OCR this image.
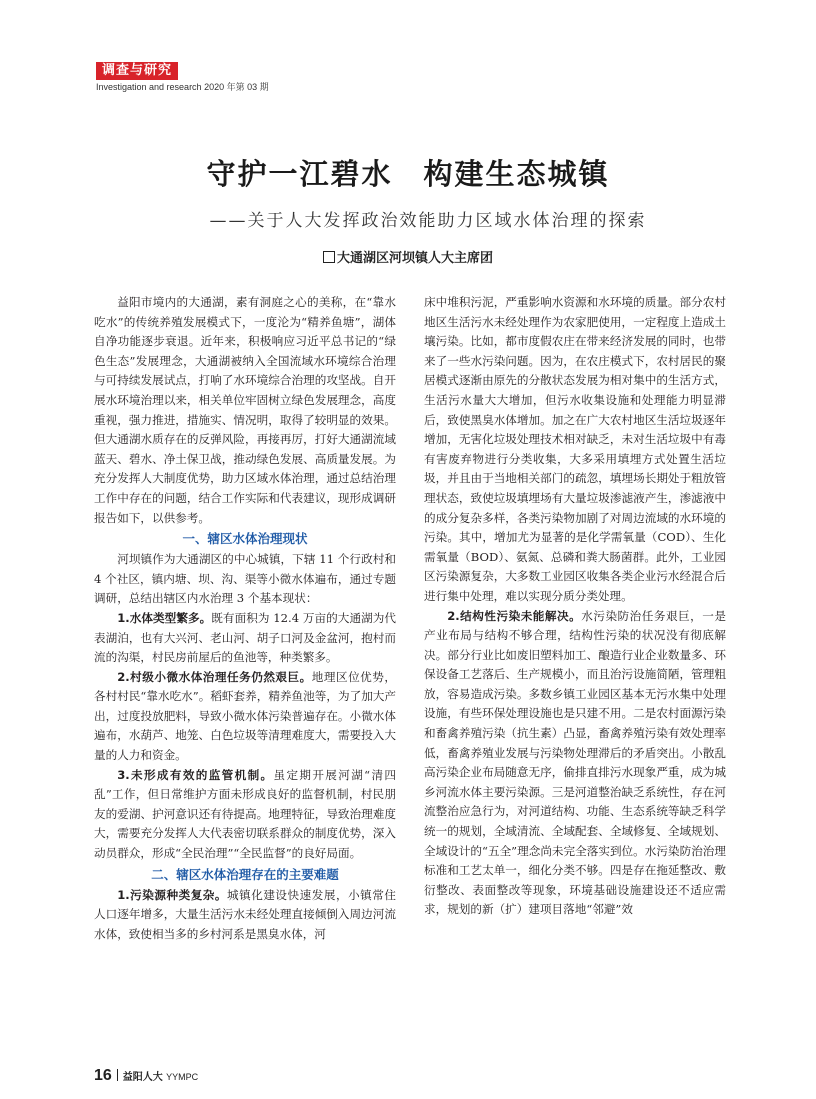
调查与研究
Investigation and research 2020 年第 03 期
守护一江碧水　构建生态城镇
——关于人大发挥政治效能助力区域水体治理的探索
大通湖区河坝镇人大主席团

益阳市境内的大通湖，素有洞庭之心的美称，在“靠水吃水”的传统养殖发展模式下，一度沦为“精养鱼塘”，湖体自净功能逐步衰退。近年来，积极响应习近平总书记的“绿色生态”发展理念，大通湖被纳入全国流域水环境综合治理与可持续发展试点，打响了水环境综合治理的攻坚战。自开展水环境治理以来，相关单位牢固树立绿色发展理念，高度重视，强力推进，措施实、情况明，取得了较明显的效果。但大通湖水质存在的反弹风险，再接再厉，打好大通湖流域蓝天、碧水、净土保卫战，推动绿色发展、高质量发展。为充分发挥人大制度优势，助力区域水体治理，通过总结治理工作中存在的问题，结合工作实际和代表建议，现形成调研报告如下，以供参考。

一、辖区水体治理现状

河坝镇作为大通湖区的中心城镇，下辖 11 个行政村和 4 个社区，镇内塘、坝、沟、渠等小微水体遍布，通过专题调研，总结出辖区内水治理 3 个基本现状：

1.水体类型繁多。既有面积为 12.4 万亩的大通湖为代表湖泊，也有大兴河、老山河、胡子口河及金盆河，抱村而流的沟渠，村民房前屋后的鱼池等，种类繁多。

2.村级小微水体治理任务仍然艰巨。地理区位优势，各村村民“靠水吃水”。稻虾套养，精养鱼池等，为了加大产出，过度投放肥料，导致小微水体污染普遍存在。小微水体遍布，水葫芦、地笼、白色垃圾等清理难度大，需要投入大量的人力和资金。

3.未形成有效的监管机制。虽定期开展河湖“清四乱”工作，但日常维护方面未形成良好的监督机制，村民朋友的爱湖、护河意识还有待提高。地理特征，导致治理难度大，需要充分发挥人大代表密切联系群众的制度优势，深入动员群众，形成“全民治理”“全民监督”的良好局面。

二、辖区水体治理存在的主要难题

1.污染源种类复杂。城镇化建设快速发展，小镇常住人口逐年增多，大量生活污水未经处理直接倾倒入周边河流水体，致使相当多的乡村河系是黑臭水体，河

床中堆积污泥，严重影响水资源和水环境的质量。部分农村地区生活污水未经处理作为农家肥使用，一定程度上造成土壤污染。比如，都市度假农庄在带来经济发展的同时，也带来了一些水污染问题。因为，在农庄模式下，农村居民的聚居模式逐渐由原先的分散状态发展为相对集中的生活方式，生活污水量大大增加，但污水收集设施和处理能力明显滞后，致使黑臭水体增加。加之在广大农村地区生活垃圾逐年增加，无害化垃圾处理技术相对缺乏，未对生活垃圾中有毒有害废弃物进行分类收集，大多采用填埋方式处置生活垃圾，并且由于当地相关部门的疏忽，填埋场长期处于粗放管理状态，致使垃圾填埋场有大量垃圾渗滤液产生，渗滤液中的成分复杂多样，各类污染物加剧了对周边流域的水环境的污染。其中，增加尤为显著的是化学需氧量（COD）、生化需氧量（BOD）、氨氮、总磷和粪大肠菌群。此外，工业园区污染源复杂，大多数工业园区收集各类企业污水经混合后进行集中处理，难以实现分质分类处理。

2.结构性污染未能解决。水污染防治任务艰巨，一是产业布局与结构不够合理，结构性污染的状况没有彻底解决。部分行业比如废旧塑料加工、酿造行业企业数量多、环保设备工艺落后、生产规模小，而且治污设施简陋，管理粗放，容易造成污染。多数乡镇工业园区基本无污水集中处理设施，有些环保处理设施也是只建不用。二是农村面源污染和畜禽养殖污染（抗生素）凸显，畜禽养殖污染有效处理率低，畜禽养殖业发展与污染物处理滞后的矛盾突出。小散乱高污染企业布局随意无序，偷排直排污水现象严重，成为城乡河流水体主要污染源。三是河道整治缺乏系统性，存在河流整治应急行为，对河道结构、功能、生态系统等缺乏科学统一的规划，全域清流、全域配套、全域修复、全域规划、全域设计的“五全”理念尚未完全落实到位。水污染防治治理标准和工艺太单一，细化分类不够。四是存在拖延整改、敷衍整改、表面整改等现象，环境基础设施建设还不适应需求，规划的新（扩）建项目落地“邻避”效

16 益阳人大 YYMPC
